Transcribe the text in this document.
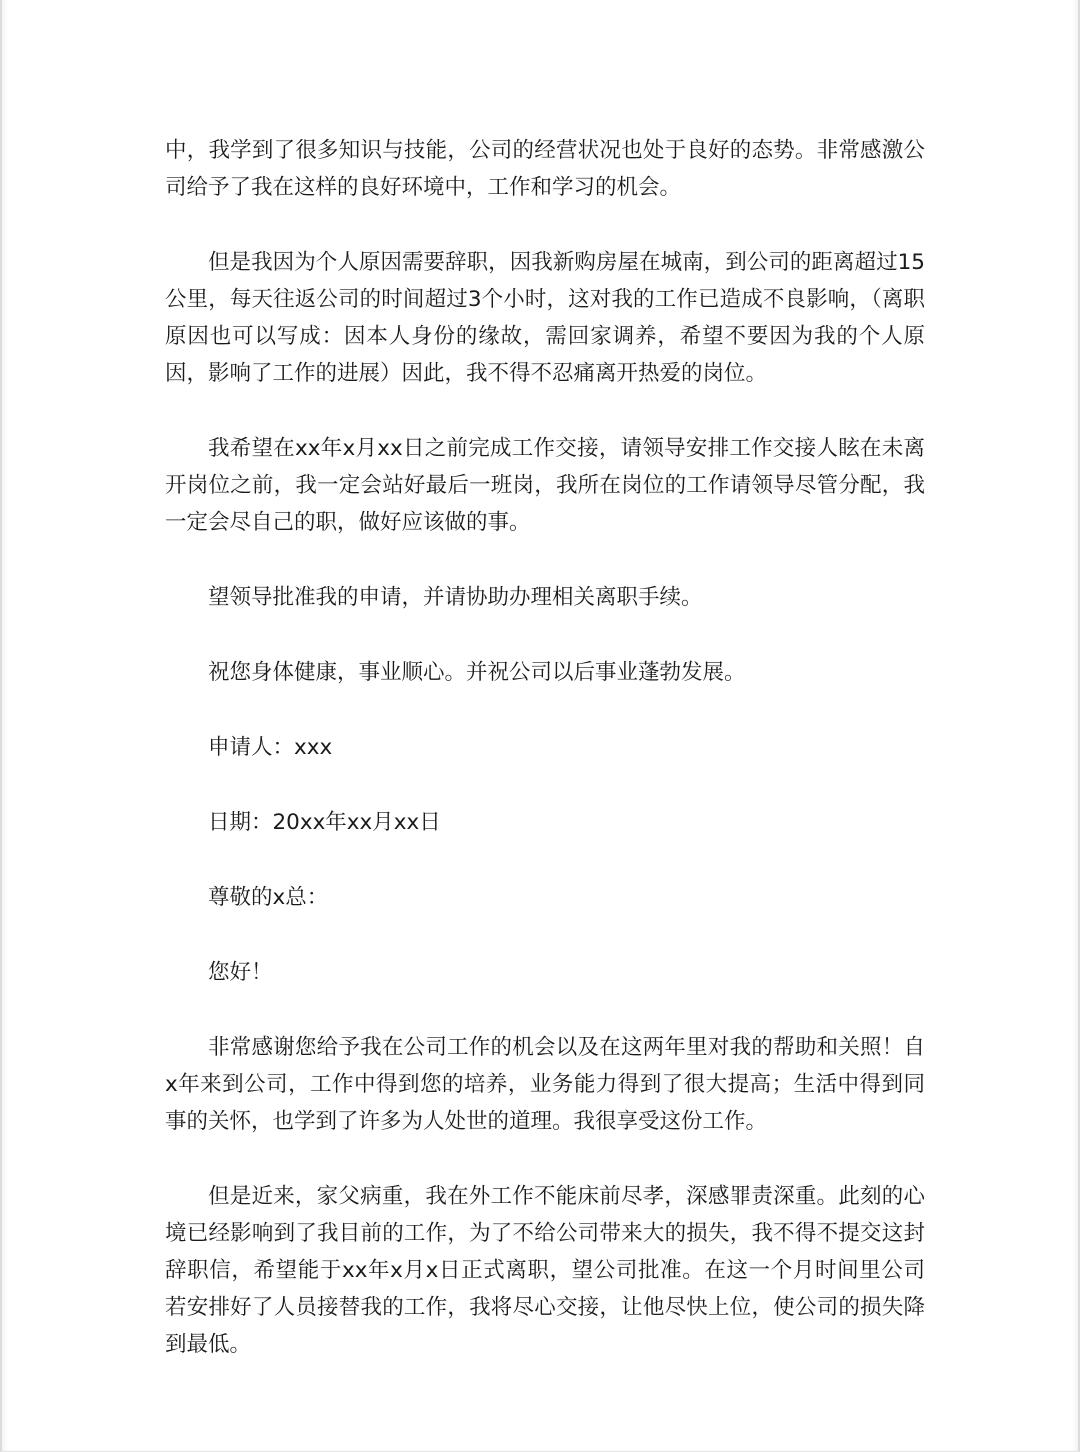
中，我学到了很多知识与技能，公司的经营状况也处于良好的态势。非常感激公司给予了我在这样的良好环境中，工作和学习的机会。

但是我因为个人原因需要辞职，因我新购房屋在城南，到公司的距离超过15公里，每天往返公司的时间超过3个小时，这对我的工作已造成不良影响，（离职原因也可以写成：因本人身份的缘故，需回家调养，希望不要因为我的个人原因，影响了工作的进展）因此，我不得不忍痛离开热爱的岗位。

我希望在xx年x月xx日之前完成工作交接，请领导安排工作交接人眩在未离开岗位之前，我一定会站好最后一班岗，我所在岗位的工作请领导尽管分配，我一定会尽自己的职，做好应该做的事。

望领导批准我的申请，并请协助办理相关离职手续。

祝您身体健康，事业顺心。并祝公司以后事业蓬勃发展。

申请人：xxx

日期：20xx年xx月xx日

尊敬的x总：

您好！

非常感谢您给予我在公司工作的机会以及在这两年里对我的帮助和关照！自x年来到公司，工作中得到您的培养，业务能力得到了很大提高；生活中得到同事的关怀，也学到了许多为人处世的道理。我很享受这份工作。

但是近来，家父病重，我在外工作不能床前尽孝，深感罪责深重。此刻的心境已经影响到了我目前的工作，为了不给公司带来大的损失，我不得不提交这封辞职信，希望能于xx年x月x日正式离职，望公司批准。在这一个月时间里公司若安排好了人员接替我的工作，我将尽心交接，让他尽快上位，使公司的损失降到最低。
